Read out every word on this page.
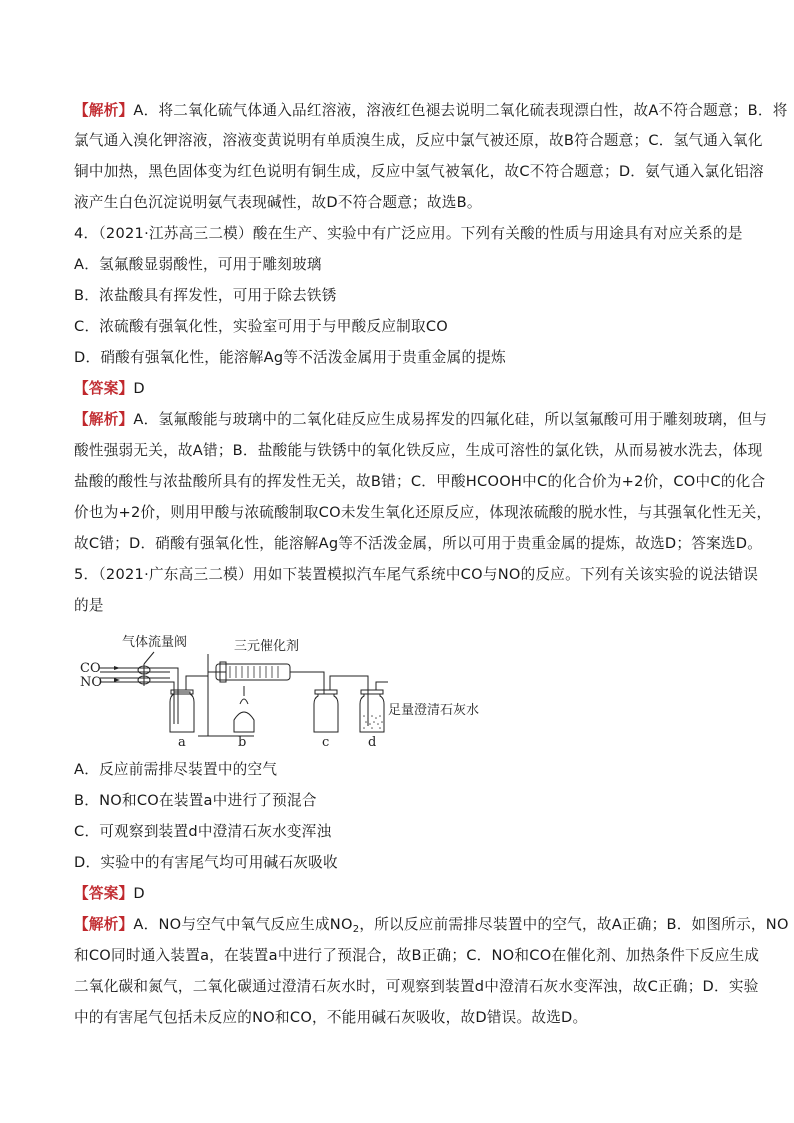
【解析】A．将二氧化硫气体通入品红溶液，溶液红色褪去说明二氧化硫表现漂白性，故A不符合题意；B．将
氯气通入溴化钾溶液，溶液变黄说明有单质溴生成，反应中氯气被还原，故B符合题意；C．氢气通入氧化
铜中加热，黑色固体变为红色说明有铜生成，反应中氢气被氧化，故C不符合题意；D．氨气通入氯化铝溶
液产生白色沉淀说明氨气表现碱性，故D不符合题意；故选B。
4．（2021·江苏高三二模）酸在生产、实验中有广泛应用。下列有关酸的性质与用途具有对应关系的是
A．氢氟酸显弱酸性，可用于雕刻玻璃
B．浓盐酸具有挥发性，可用于除去铁锈
C．浓硫酸有强氧化性，实验室可用于与甲酸反应制取CO
D．硝酸有强氧化性，能溶解Ag等不活泼金属用于贵重金属的提炼
【答案】D
【解析】A．氢氟酸能与玻璃中的二氧化硅反应生成易挥发的四氟化硅，所以氢氟酸可用于雕刻玻璃，但与
酸性强弱无关，故A错；B．盐酸能与铁锈中的氧化铁反应，生成可溶性的氯化铁，从而易被水洗去，体现
盐酸的酸性与浓盐酸所具有的挥发性无关，故B错；C．甲酸HCOOH中C的化合价为+2价，CO中C的化合
价也为+2价，则用甲酸与浓硫酸制取CO未发生氧化还原反应，体现浓硫酸的脱水性，与其强氧化性无关，
故C错；D．硝酸有强氧化性，能溶解Ag等不活泼金属，所以可用于贵重金属的提炼，故选D；答案选D。
5．（2021·广东高三二模）用如下装置模拟汽车尾气系统中CO与NO的反应。下列有关该实验的说法错误
的是
气体流量阀	三元催化剂
CO
NO
足量澄清石灰水
a	b	c	d
A．反应前需排尽装置中的空气
B．NO和CO在装置a中进行了预混合
C．可观察到装置d中澄清石灰水变浑浊
D．实验中的有害尾气均可用碱石灰吸收
【答案】D
【解析】A．NO与空气中氧气反应生成$NO_2$，所以反应前需排尽装置中的空气，故A正确；B．如图所示，NO
和CO同时通入装置a，在装置a中进行了预混合，故B正确；C．NO和CO在催化剂、加热条件下反应生成
二氧化碳和氮气，二氧化碳通过澄清石灰水时，可观察到装置d中澄清石灰水变浑浊，故C正确；D．实验
中的有害尾气包括未反应的NO和CO，不能用碱石灰吸收，故D错误。故选D。
